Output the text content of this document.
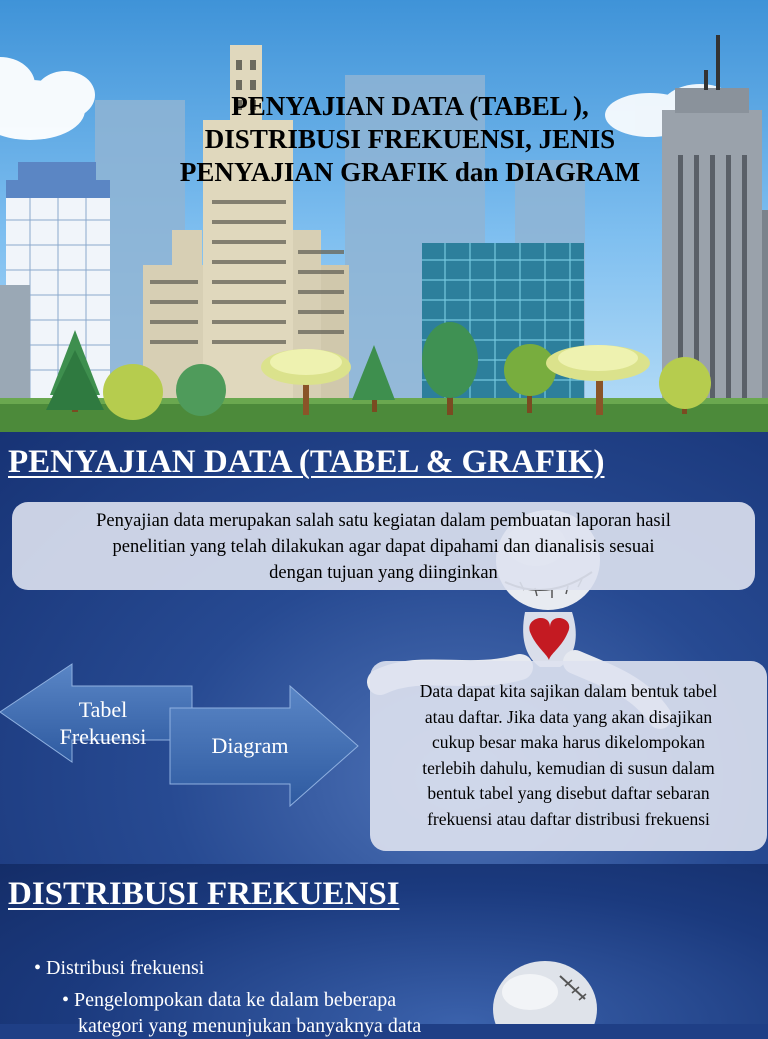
PENYAJIAN DATA (TABEL ),
DISTRIBUSI FREKUENSI, JENIS
PENYAJIAN GRAFIK dan DIAGRAM
PENYAJIAN DATA (TABEL & GRAFIK)
Penyajian data merupakan salah satu kegiatan dalam pembuatan laporan hasil
penelitian yang telah dilakukan agar dapat dipahami dan dianalisis sesuai
dengan tujuan yang diinginkan
Tabel
Frekuensi	Diagram
Data dapat kita sajikan dalam bentuk tabel
atau daftar. Jika data yang akan disajikan
cukup besar maka harus dikelompokan
terlebih dahulu, kemudian di susun dalam
bentuk tabel yang disebut daftar sebaran
frekuensi atau daftar distribusi frekuensi
DISTRIBUSI FREKUENSI
• Distribusi frekuensi
• Pengelompokan data ke dalam beberapa
kategori yang menunjukan banyaknya data
